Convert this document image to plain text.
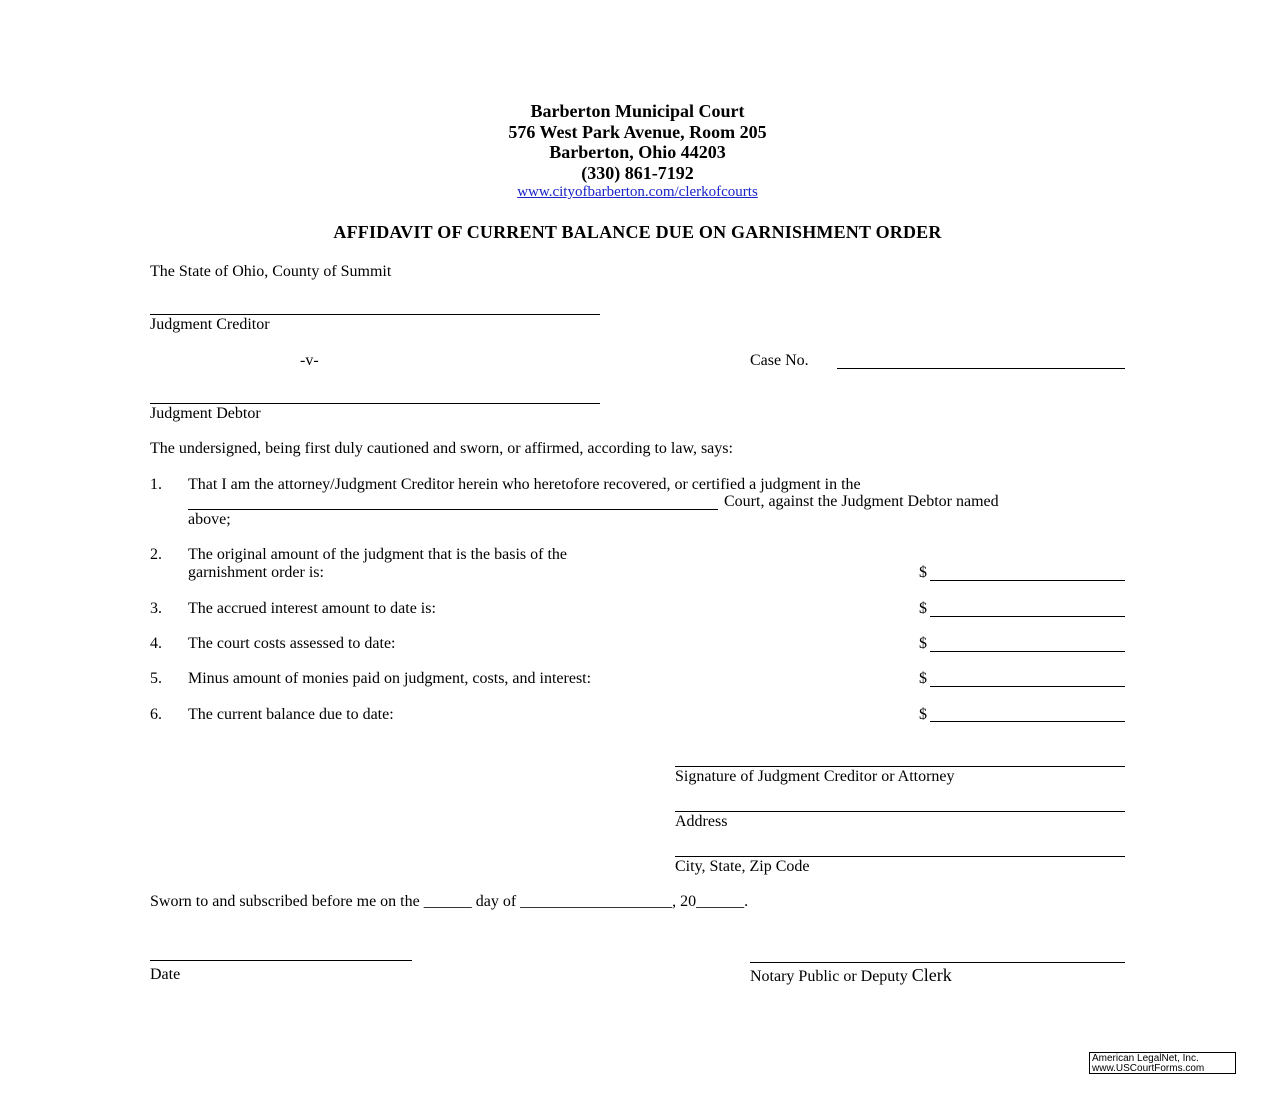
Barberton Municipal Court
576 West Park Avenue, Room 205
Barberton, Ohio 44203
(330) 861-7192
www.cityofbarberton.com/clerkofcourts
AFFIDAVIT OF CURRENT BALANCE DUE ON GARNISHMENT ORDER
The State of Ohio, County of Summit
Judgment Creditor
-v-	Case No.
Judgment Debtor
The undersigned, being first duly cautioned and sworn, or affirmed, according to law, says:
1. That I am the attorney/Judgment Creditor herein who heretofore recovered, or certified a judgment in the
Court, against the Judgment Debtor named
above;
2. The original amount of the judgment that is the basis of the
garnishment order is:	$
3. The accrued interest amount to date is:	$
4. The court costs assessed to date:	$
5. Minus amount of monies paid on judgment, costs, and interest:	$
6. The current balance due to date:	$
Signature of Judgment Creditor or Attorney
Address
City, State, Zip Code
Sworn to and subscribed before me on the ______ day of ___________________, 20______.
Date	Notary Public or Deputy Clerk
American LegalNet, Inc.
www.USCourtForms.com
